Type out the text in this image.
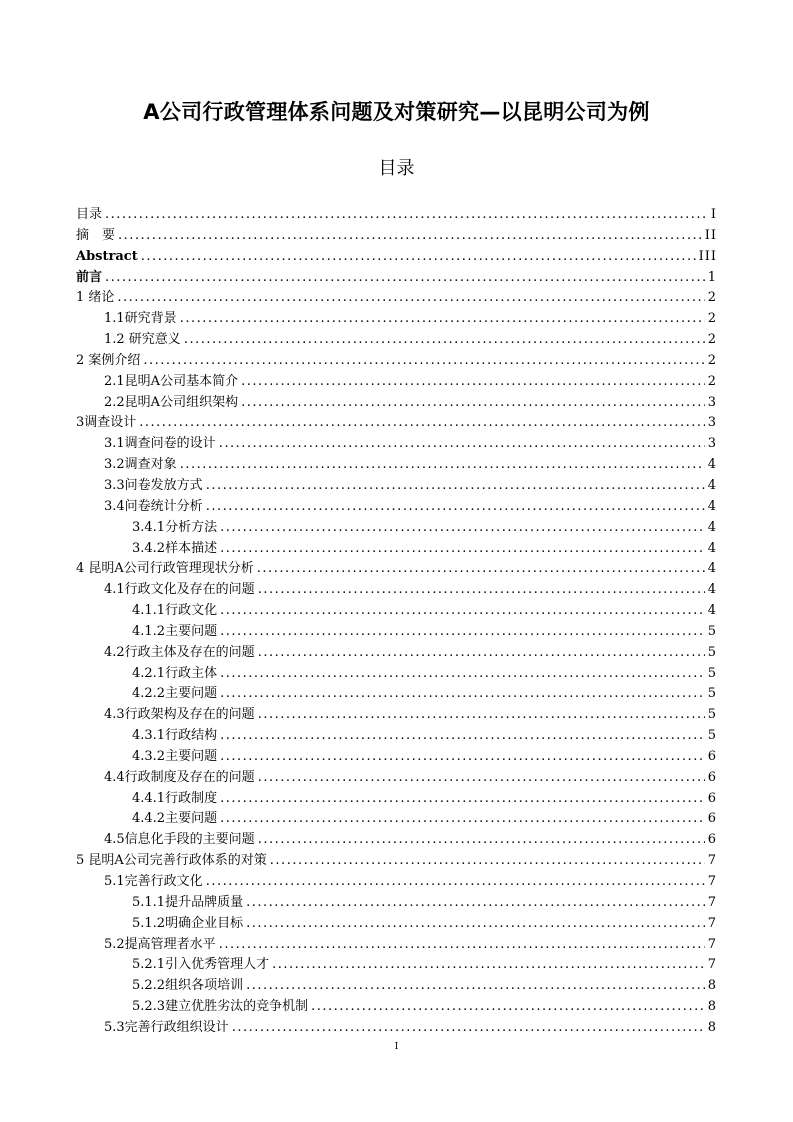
A公司行政管理体系问题及对策研究—以昆明公司为例
目录
目录 .....	I
摘　要 .....	II
Abstract .....	III
前言 .....	1
1 绪论 .....	2
1.1研究背景 .....	2
1.2 研究意义 .....	2
2 案例介绍 .....	2
2.1昆明A公司基本简介 .....	2
2.2昆明A公司组织架构 .....	3
3调查设计 .....	3
3.1调查问卷的设计 .....	3
3.2调查对象 .....	4
3.3问卷发放方式 .....	4
3.4问卷统计分析 .....	4
3.4.1分析方法 .....	4
3.4.2样本描述 .....	4
4 昆明A公司行政管理现状分析 .....	4
4.1行政文化及存在的问题 .....	4
4.1.1行政文化 .....	4
4.1.2主要问题 .....	5
4.2行政主体及存在的问题 .....	5
4.2.1行政主体 .....	5
4.2.2主要问题 .....	5
4.3行政架构及存在的问题 .....	5
4.3.1行政结构 .....	5
4.3.2主要问题 .....	6
4.4行政制度及存在的问题 .....	6
4.4.1行政制度 .....	6
4.4.2主要问题 .....	6
4.5信息化手段的主要问题 .....	6
5 昆明A公司完善行政体系的对策 .....	7
5.1完善行政文化 .....	7
5.1.1提升品牌质量 .....	7
5.1.2明确企业目标 .....	7
5.2提高管理者水平 .....	7
5.2.1引入优秀管理人才 .....	7
5.2.2组织各项培训 .....	8
5.2.3建立优胜劣汰的竞争机制 .....	8
5.3完善行政组织设计 .....	8
I
